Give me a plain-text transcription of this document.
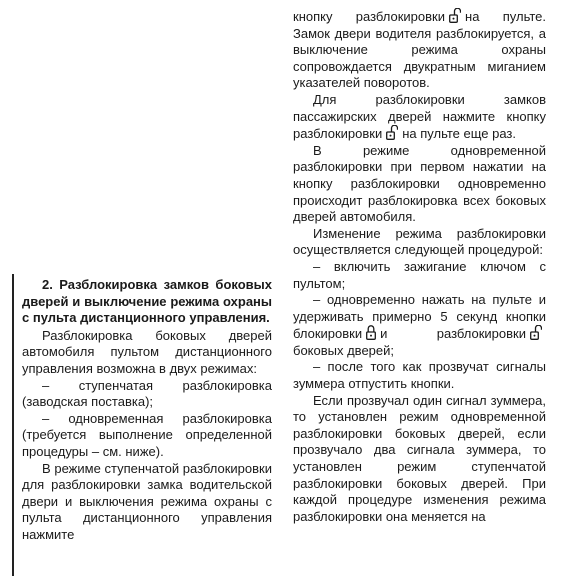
2. Разблокировка замков боковых дверей и выключение режима охраны с пульта дистанционного управления.

Разблокировка боковых дверей автомобиля пультом дистанционного управления возможна в двух режимах:

– ступенчатая разблокировка (заводская поставка);

– одновременная разблокировка (требуется выполнение определенной процедуры – см. ниже).

В режиме ступенчатой разблокировки для разблокировки замка водительской двери и выключения режима охраны с пульта дистанционного управления нажмите

кнопку разблокировки на пульте. Замок двери водителя разблокируется, а выключение режима охраны сопровождается двукратным миганием указателей поворотов.

Для разблокировки замков пассажирских дверей нажмите кнопку разблокировки на пульте еще раз.

В режиме одновременной разблокировки при первом нажатии на кнопку разблокировки одновременно происходит разблокировка всех боковых дверей автомобиля.

Изменение режима разблокировки осуществляется следующей процедурой:

– включить зажигание ключом с пультом;

– одновременно нажать на пульте и удерживать примерно 5 секунд кнопки блокировки и разблокировки
боковых дверей;

– после того как прозвучат сигналы зуммера отпустить кнопки.

Если прозвучал один сигнал зуммера, то установлен режим одновременной разблокировки боковых дверей, если прозвучало два сигнала зуммера, то установлен режим ступенчатой разблокировки боковых дверей. При каждой процедуре изменения режима разблокировки она меняется на
